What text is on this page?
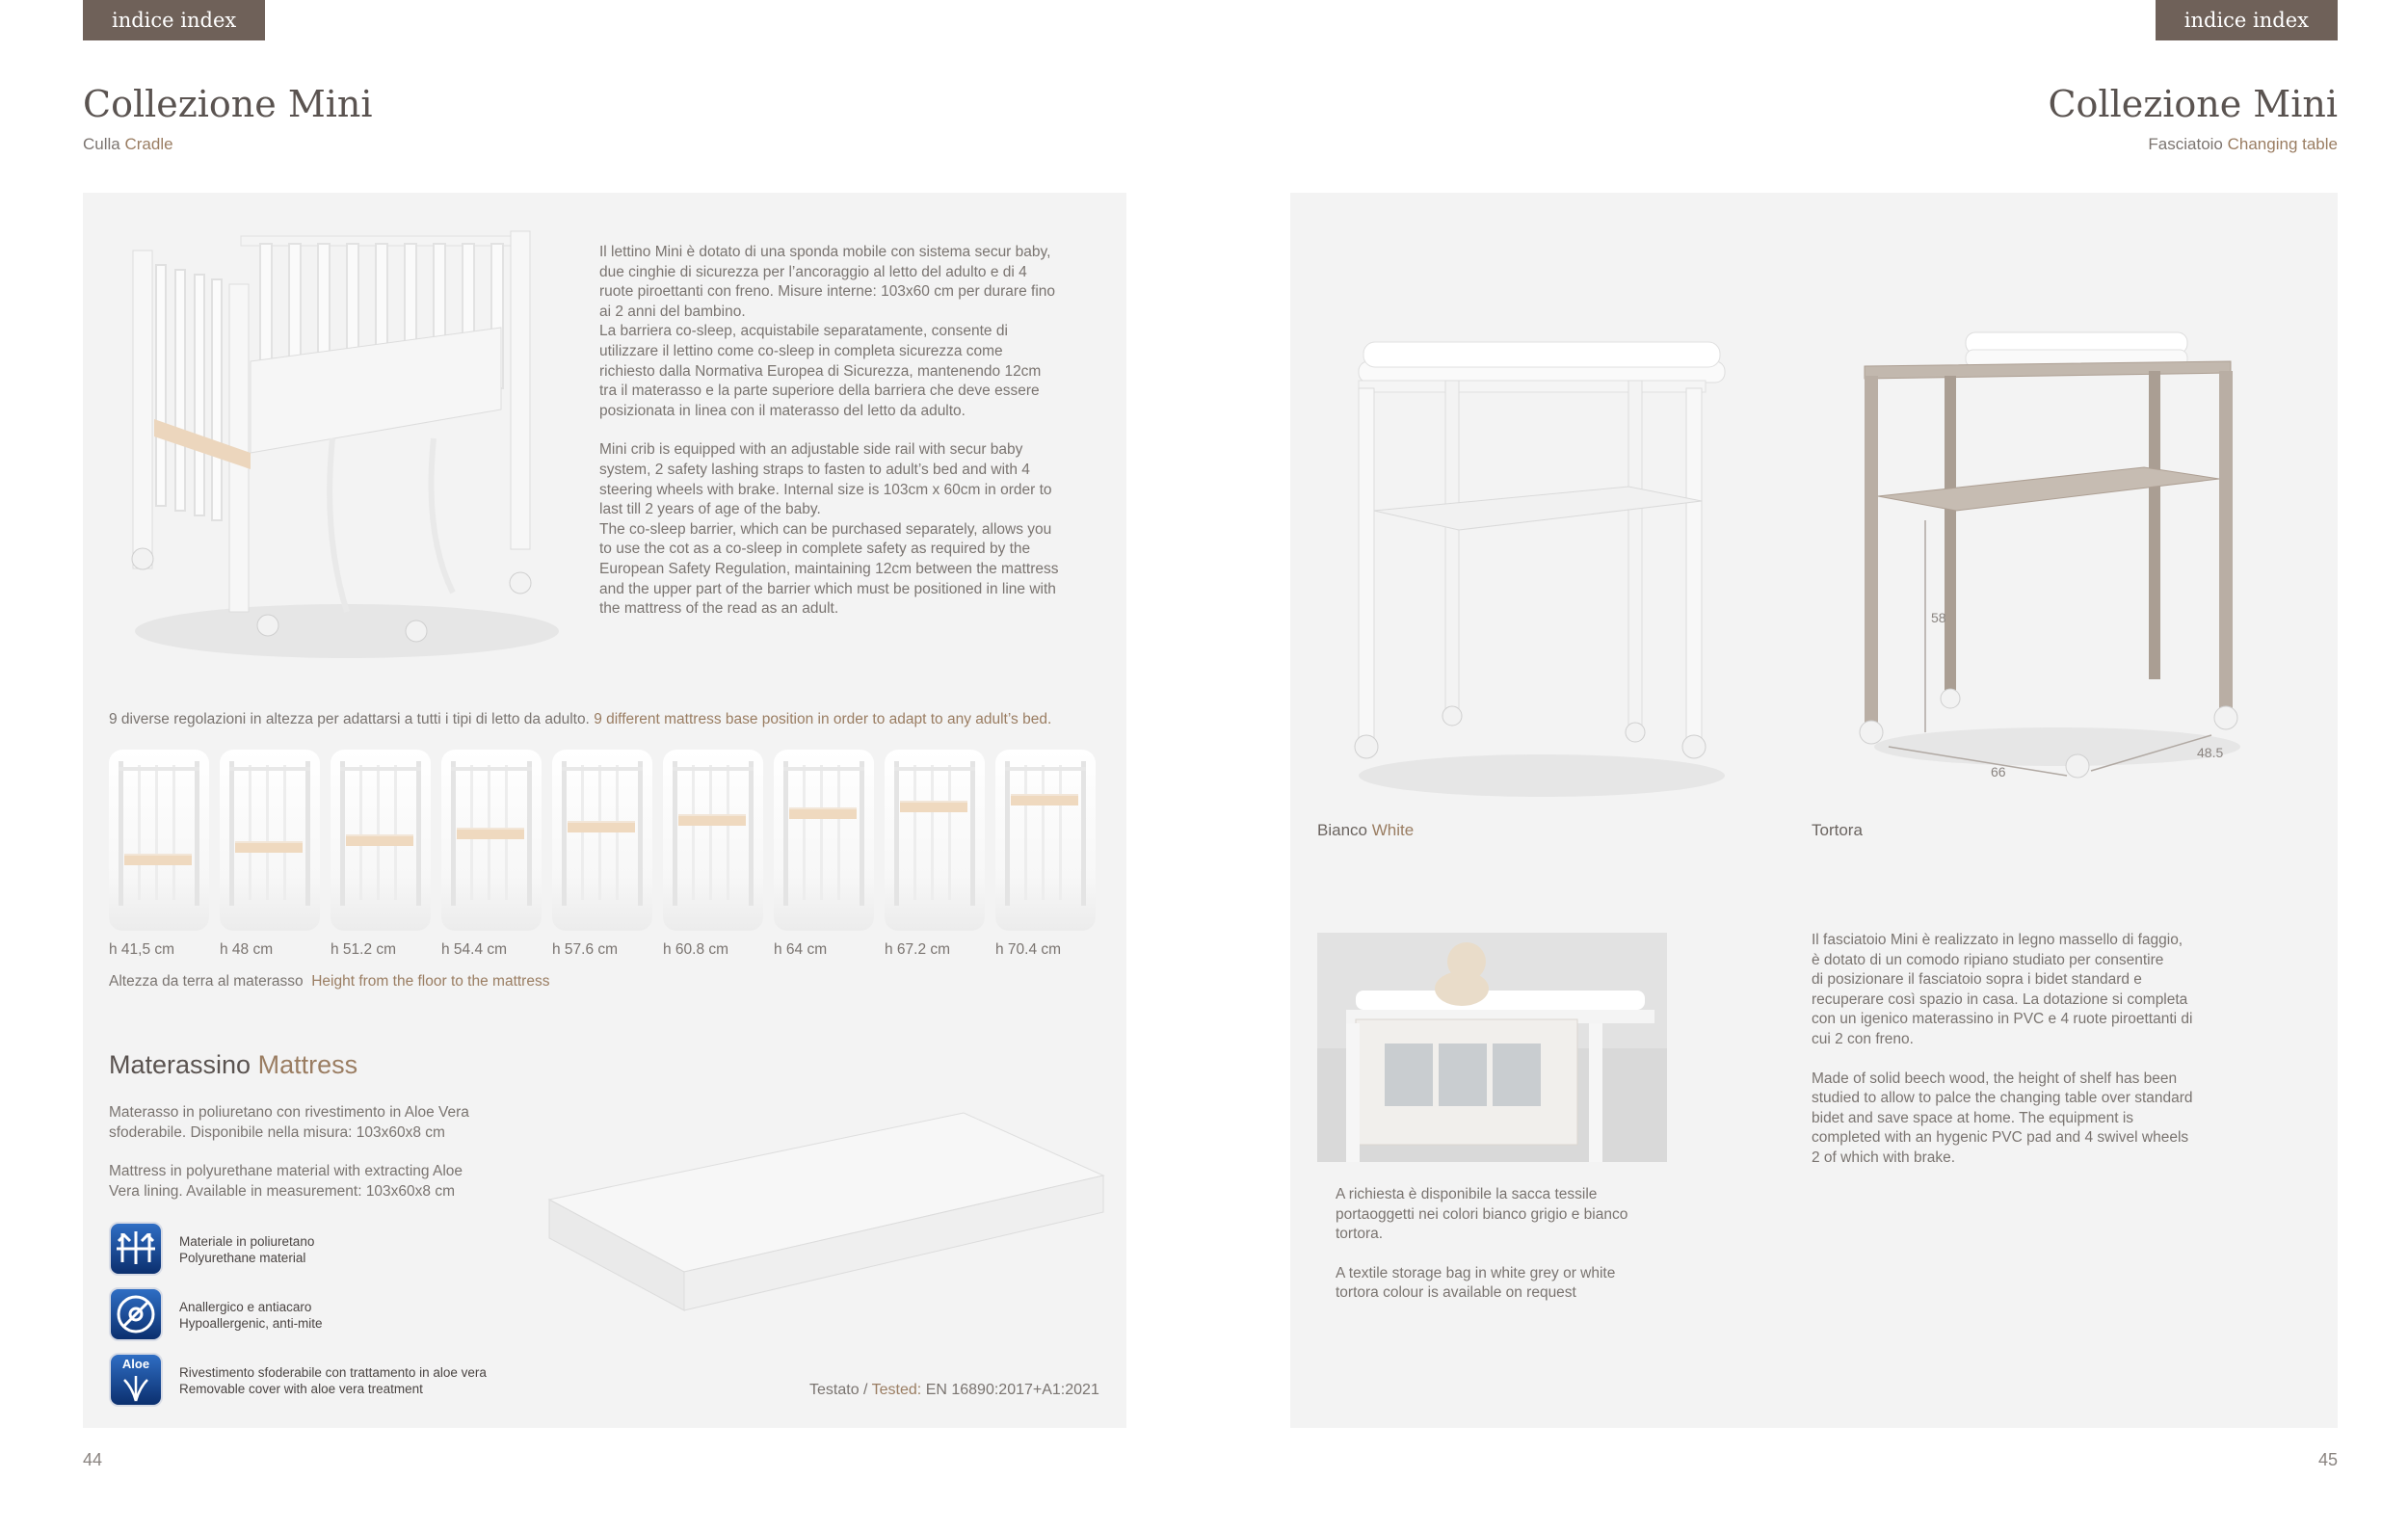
indice index	indice index
Collezione Mini
Culla Cradle

Il lettino Mini è dotato di una sponda mobile con sistema secur baby,
due cinghie di sicurezza per l’ancoraggio al letto del adulto e di 4
ruote piroettanti con freno. Misure interne: 103x60 cm per durare fino
ai 2 anni del bambino.
La barriera co-sleep, acquistabile separatamente, consente di
utilizzare il lettino come co-sleep in completa sicurezza come
richiesto dalla Normativa Europea di Sicurezza, mantenendo 12cm
tra il materasso e la parte superiore della barriera che deve essere
posizionata in linea con il materasso del letto da adulto.

Mini crib is equipped with an adjustable side rail with secur baby
system, 2 safety lashing straps to fasten to adult’s bed and with 4
steering wheels with brake. Internal size is 103cm x 60cm in order to
last till 2 years of age of the baby.
The co-sleep barrier, which can be purchased separately, allows you
to use the cot as a co-sleep in complete safety as required by the
European Safety Regulation, maintaining 12cm between the mattress
and the upper part of the barrier which must be positioned in line with
the mattress of the read as an adult.

9 diverse regolazioni in altezza per adattarsi a tutti i tipi di letto da adulto. 9 different mattress base position in order to adapt to any adult’s bed.
h 41,5 cm	h 48 cm	h 51.2 cm	h 54.4 cm	h 57.6 cm	h 60.8 cm	h 64 cm	h 67.2 cm	h 70.4 cm
Altezza da terra al materasso Height from the floor to the mattress
Materassino Mattress

Materasso in poliuretano con rivestimento in Aloe Vera
sfoderabile. Disponibile nella misura: 103x60x8 cm

Mattress in polyurethane material with extracting Aloe
Vera lining. Available in measurement: 103x60x8 cm

Materiale in poliuretano
Polyurethane material
Anallergico e antiacaro
Hypoallergenic, anti-mite
Aloe
Rivestimento sfoderabile con trattamento in aloe vera
Removable cover with aloe vera treatment	Testato / Tested: EN 16890:2017+A1:2021
44
Collezione Mini
Fasciatoio Changing table
58
66
48.5
Bianco White	Tortora

A richiesta è disponibile la sacca tessile
portaoggetti nei colori bianco grigio e bianco
tortora.

A textile storage bag in white grey or white
tortora colour is available on request

Il fasciatoio Mini è realizzato in legno massello di faggio,
è dotato di un comodo ripiano studiato per consentire
di posizionare il fasciatoio sopra i bidet standard e
recuperare così spazio in casa. La dotazione si completa
con un igenico materassino in PVC e 4 ruote piroettanti di
cui 2 con freno.

Made of solid beech wood, the height of shelf has been
studied to allow to palce the changing table over standard
bidet and save space at home. The equipment is
completed with an hygenic PVC pad and 4 swivel wheels
2 of which with brake.

45
